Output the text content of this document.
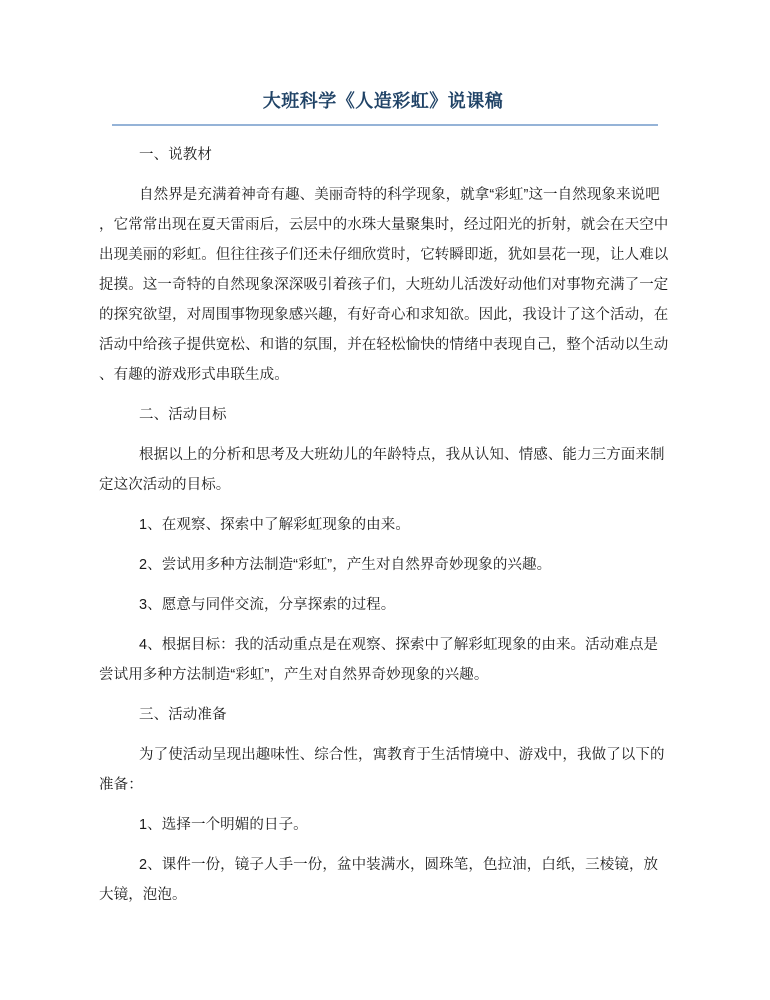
大班科学《人造彩虹》说课稿
一、说教材
自然界是充满着神奇有趣、美丽奇特的科学现象，就拿“彩虹”这一自然现象来说吧
，它常常出现在夏天雷雨后，云层中的水珠大量聚集时，经过阳光的折射，就会在天空中
出现美丽的彩虹。但往往孩子们还未仔细欣赏时，它转瞬即逝，犹如昙花一现，让人难以
捉摸。这一奇特的自然现象深深吸引着孩子们，大班幼儿活泼好动他们对事物充满了一定
的探究欲望，对周围事物现象感兴趣，有好奇心和求知欲。因此，我设计了这个活动，在
活动中给孩子提供宽松、和谐的氛围，并在轻松愉快的情绪中表现自己，整个活动以生动
、有趣的游戏形式串联生成。
二、活动目标
根据以上的分析和思考及大班幼儿的年龄特点，我从认知、情感、能力三方面来制
定这次活动的目标。
1、在观察、探索中了解彩虹现象的由来。
2、尝试用多种方法制造“彩虹”，产生对自然界奇妙现象的兴趣。
3、愿意与同伴交流，分享探索的过程。
4、根据目标：我的活动重点是在观察、探索中了解彩虹现象的由来。活动难点是
尝试用多种方法制造“彩虹”，产生对自然界奇妙现象的兴趣。
三、活动准备
为了使活动呈现出趣味性、综合性，寓教育于生活情境中、游戏中，我做了以下的
准备：
1、选择一个明媚的日子。
2、课件一份，镜子人手一份，盆中装满水，圆珠笔，色拉油，白纸，三棱镜，放
大镜，泡泡。
